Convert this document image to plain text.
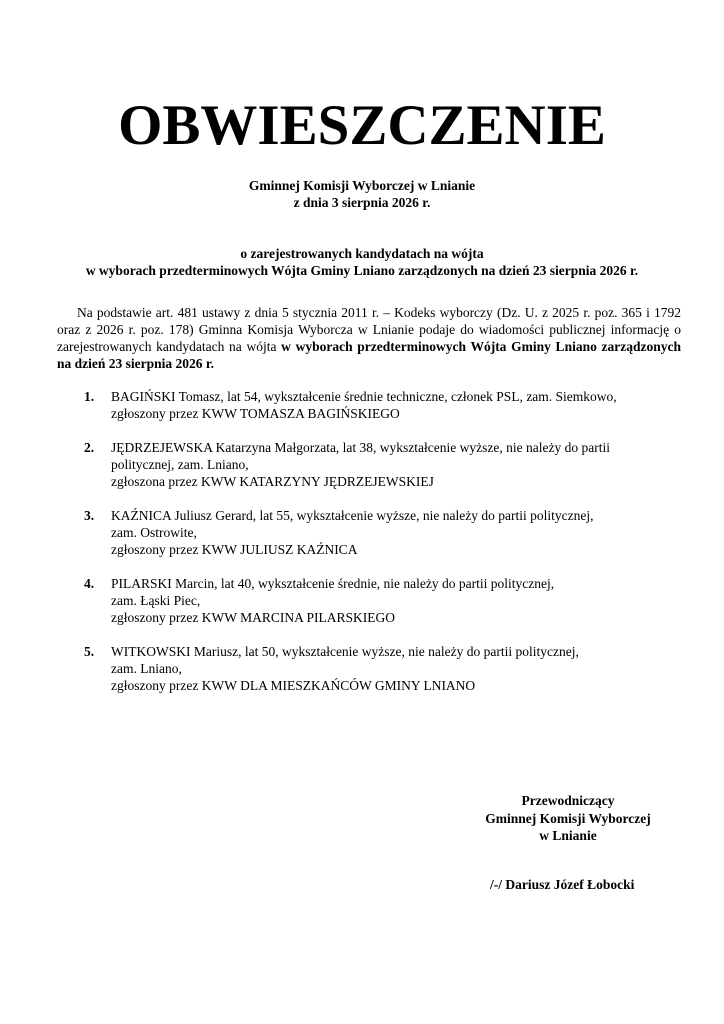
OBWIESZCZENIE
Gminnej Komisji Wyborczej w Lnianie
z dnia 3 sierpnia 2026 r.
o zarejestrowanych kandydatach na wójta
w wyborach przedterminowych Wójta Gminy Lniano zarządzonych na dzień 23 sierpnia 2026 r.
Na podstawie art. 481 ustawy z dnia 5 stycznia 2011 r. – Kodeks wyborczy (Dz. U. z 2025 r. poz. 365 i 1792 oraz z 2026 r. poz. 178) Gminna Komisja Wyborcza w Lnianie podaje do wiadomości publicznej informację o zarejestrowanych kandydatach na wójta w wyborach przedterminowych Wójta Gminy Lniano zarządzonych na dzień 23 sierpnia 2026 r.
1. BAGIŃSKI Tomasz, lat 54, wykształcenie średnie techniczne, członek PSL, zam. Siemkowo,
zgłoszony przez KWW TOMASZA BAGIŃSKIEGO
2. JĘDRZEJEWSKA Katarzyna Małgorzata, lat 38, wykształcenie wyższe, nie należy do partii
politycznej, zam. Lniano,
zgłoszona przez KWW KATARZYNY JĘDRZEJEWSKIEJ
3. KAŹNICA Juliusz Gerard, lat 55, wykształcenie wyższe, nie należy do partii politycznej,
zam. Ostrowite,
zgłoszony przez KWW JULIUSZ KAŹNICA
4. PILARSKI Marcin, lat 40, wykształcenie średnie, nie należy do partii politycznej,
zam. Łąski Piec,
zgłoszony przez KWW MARCINA PILARSKIEGO
5. WITKOWSKI Mariusz, lat 50, wykształcenie wyższe, nie należy do partii politycznej,
zam. Lniano,
zgłoszony przez KWW DLA MIESZKAŃCÓW GMINY LNIANO
Przewodniczący
Gminnej Komisji Wyborczej
w Lnianie
/-/ Dariusz Józef Łobocki
